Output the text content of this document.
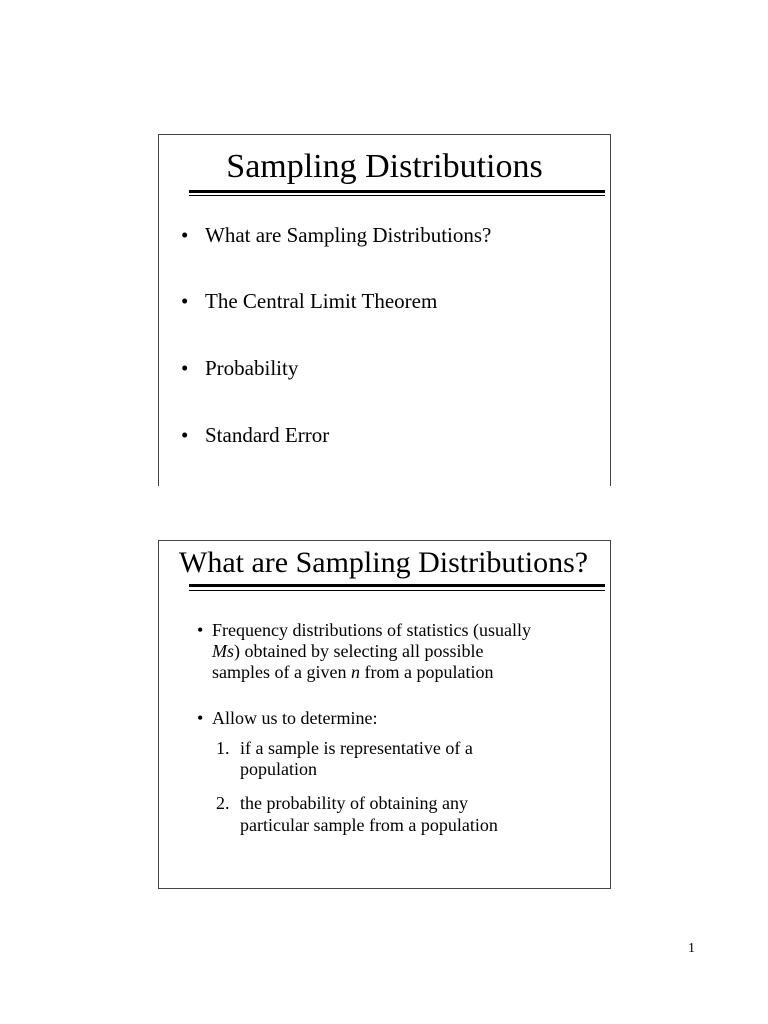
Sampling Distributions
• What are Sampling Distributions?
• The Central Limit Theorem
• Probability
• Standard Error
What are Sampling Distributions?
• Frequency distributions of statistics (usually
Ms) obtained by selecting all possible
samples of a given n from a population
• Allow us to determine:
1. if a sample is representative of a
population
2. the probability of obtaining any
particular sample from a population
1
